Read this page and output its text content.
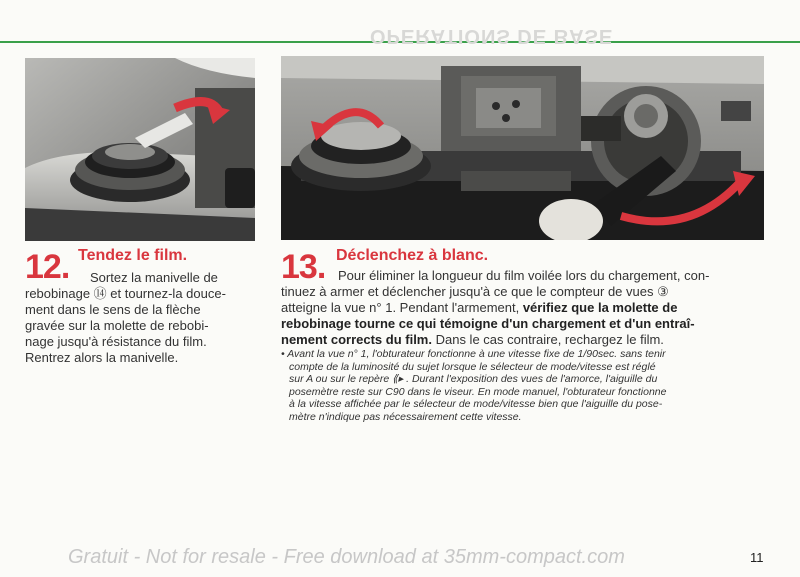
OPERATIONS DE BASE
12. Tendez le film.
Sortez la manivelle de
rebobinage ⑭ et tournez-la douce-
ment dans le sens de la flèche
gravée sur la molette de rebobi-
nage jusqu'à résistance du film.
Rentrez alors la manivelle.
13. Déclenchez à blanc.
Pour éliminer la longueur du film voilée lors du chargement, con-
tinuez à armer et déclencher jusqu'à ce que le compteur de vues ③
atteigne la vue n° 1. Pendant l'armement, vérifiez que la molette de
rebobinage tourne ce qui témoigne d'un chargement et d'un entraî-
nement corrects du film. Dans le cas contraire, rechargez le film.
• Avant la vue n° 1, l'obturateur fonctionne à une vitesse fixe de 1/90sec. sans tenir
compte de la luminosité du sujet lorsque le sélecteur de mode/vitesse est réglé
sur A ou sur le repère ⟪▸ . Durant l'exposition des vues de l'amorce, l'aiguille du
posemètre reste sur C90 dans le viseur. En mode manuel, l'obturateur fonctionne
à la vitesse affichée par le sélecteur de mode/vitesse bien que l'aiguille du pose-
mètre n'indique pas nécessairement cette vitesse.
Gratuit - Not for resale - Free download at 35mm-compact.com	11
